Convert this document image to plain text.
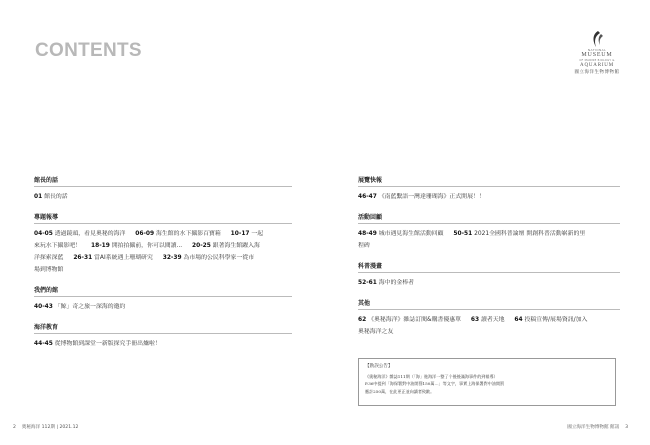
CONTENTS	NATIONAL
MUSEUM
OF MARINE BIOLOGY &
AQUARIUM
國立海洋生物博物館
館長的話
01 館長的話
專題報導
04-05 透過鏡頭，看見奧秘的海洋 06-09 海生館的水下攝影百寶箱 10-17 一起
來玩水下攝影吧！ 18-19 開拍拍攝前，你可以閱讀... 20-25 跟著海生館躍入海
洋探索深藍 26-31 當AI系統遇上珊瑚研究 32-39 為市場的公民科學家一從市
場到博物館
我們的館
40-43 「鯨」奇之旅一深海的邀約
海洋教育
44-45 從博物館到課堂一新版探究手冊出爐啦！
展覽快報
46-47 《南藍繫語一灣達珊瑚海》正式開展！！
活動回顧
48-49 城市遇見海生館活動回顧 50-51 2021全國科普論壇 開創科普活動嶄新的里
程碑
科普漫畫
52-61 海中的金棒者
其他
62 《奧秘海洋》雜誌訂閱&購書優惠單 63 讀者天地 64 投稿宣傳/展場資訊/加入
奧秘海洋之友
【勘誤公告】
《奧秘海洋》雜誌111期（「海」進海洋一整了个後後滿海事件的到報導）
P.36中提到「海保署對中油開罰150萬…」等文字，事實上海保署對中油開罰
應計250萬，在此更正並向讀者致歉。
2 奧秘海洋 112期 | 2021.12	國立海洋生物博物館 館訊 3
